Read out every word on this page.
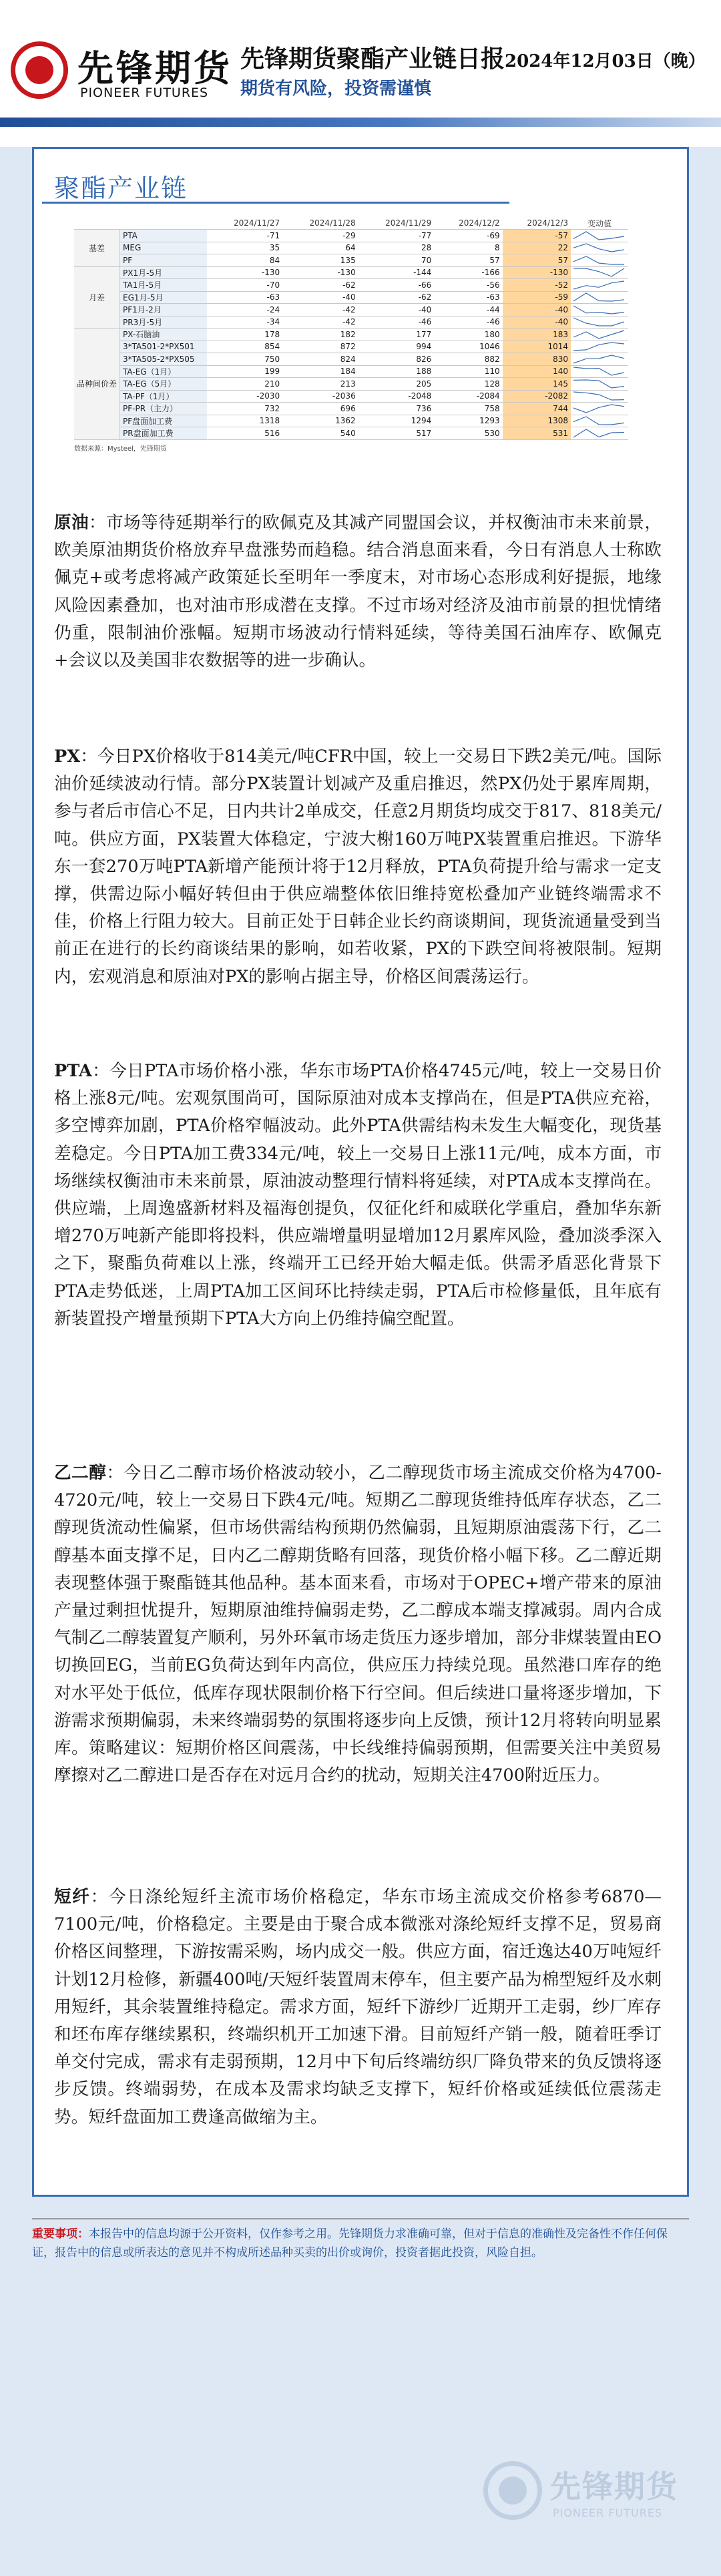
先锋期货
PIONEER FUTURES
先锋期货聚酯产业链日报2024年12月03日（晚）
期货有风险，投资需谨慎
聚酯产业链
		2024/11/27	2024/11/28	2024/11/29	2024/12/2	2024/12/3	变动值
基差	PTA	-71	-29	-77	-69	-57	

	MEG	35	64	28	8	22	

	PF	84	135	70	57	57	

月差	PX1月-5月	-130	-130	-144	-166	-130	

	TA1月-5月	-70	-62	-66	-56	-52	

	EG1月-5月	-63	-40	-62	-63	-59	

	PF1月-2月	-24	-42	-40	-44	-40	

	PR3月-5月	-34	-42	-46	-46	-40	

品种间价差	PX-石脑油	178	182	177	180	183	

	3*TA501-2*PX501	854	872	994	1046	1014	

	3*TA505-2*PX505	750	824	826	882	830	

	TA-EG（1月）	199	184	188	110	140	

	TA-EG（5月）	210	213	205	128	145	

	TA-PF（1月）	-2030	-2036	-2048	-2084	-2082	

	PF-PR（主力）	732	696	736	758	744	

	PF盘面加工费	1318	1362	1294	1293	1308	

	PR盘面加工费	516	540	517	530	531	
数据来源：Mysteel，先锋期货

原油：市场等待延期举行的欧佩克及其减产同盟国会议，并权衡油市未来前景，欧美原油期货价格放弃早盘涨势而趋稳。结合消息面来看，今日有消息人士称欧佩克+或考虑将减产政策延长至明年一季度末，对市场心态形成利好提振，地缘风险因素叠加，也对油市形成潜在支撑。不过市场对经济及油市前景的担忧情绪仍重，限制油价涨幅。短期市场波动行情料延续，等待美国石油库存、欧佩克+会议以及美国非农数据等的进一步确认。

PX：今日PX价格收于814美元/吨CFR中国，较上一交易日下跌2美元/吨。国际油价延续波动行情。部分PX装置计划减产及重启推迟，然PX仍处于累库周期，参与者后市信心不足，日内共计2单成交，任意2月期货均成交于817、818美元/吨。供应方面，PX装置大体稳定，宁波大榭160万吨PX装置重启推迟。下游华东一套270万吨PTA新增产能预计将于12月释放，PTA负荷提升给与需求一定支撑，供需边际小幅好转但由于供应端整体依旧维持宽松叠加产业链终端需求不佳，价格上行阻力较大。目前正处于日韩企业长约商谈期间，现货流通量受到当前正在进行的长约商谈结果的影响，如若收紧，PX的下跌空间将被限制。短期内，宏观消息和原油对PX的影响占据主导，价格区间震荡运行。

PTA：今日PTA市场价格小涨，华东市场PTA价格4745元/吨，较上一交易日价格上涨8元/吨。宏观氛围尚可，国际原油对成本支撑尚在，但是PTA供应充裕，多空博弈加剧，PTA价格窄幅波动。此外PTA供需结构未发生大幅变化，现货基差稳定。今日PTA加工费334元/吨，较上一交易日上涨11元/吨，成本方面，市场继续权衡油市未来前景，原油波动整理行情料将延续，对PTA成本支撑尚在。供应端，上周逸盛新材料及福海创提负，仅征化纤和威联化学重启，叠加华东新增270万吨新产能即将投料，供应端增量明显增加12月累库风险，叠加淡季深入之下，聚酯负荷难以上涨，终端开工已经开始大幅走低。供需矛盾恶化背景下PTA走势低迷，上周PTA加工区间环比持续走弱，PTA后市检修量低，且年底有新装置投产增量预期下PTA大方向上仍维持偏空配置。

乙二醇：今日乙二醇市场价格波动较小，乙二醇现货市场主流成交价格为4700-4720元/吨，较上一交易日下跌4元/吨。短期乙二醇现货维持低库存状态，乙二醇现货流动性偏紧，但市场供需结构预期仍然偏弱，且短期原油震荡下行，乙二醇基本面支撑不足，日内乙二醇期货略有回落，现货价格小幅下移。乙二醇近期表现整体强于聚酯链其他品种。基本面来看，市场对于OPEC+增产带来的原油产量过剩担忧提升，短期原油维持偏弱走势，乙二醇成本端支撑减弱。周内合成气制乙二醇装置复产顺利，另外环氧市场走货压力逐步增加，部分非煤装置由EO切换回EG，当前EG负荷达到年内高位，供应压力持续兑现。虽然港口库存的绝对水平处于低位，低库存现状限制价格下行空间。但后续进口量将逐步增加，下游需求预期偏弱，未来终端弱势的氛围将逐步向上反馈，预计12月将转向明显累库。策略建议：短期价格区间震荡，中长线维持偏弱预期，但需要关注中美贸易摩擦对乙二醇进口是否存在对远月合约的扰动，短期关注4700附近压力。

短纤：今日涤纶短纤主流市场价格稳定，华东市场主流成交价格参考6870—7100元/吨，价格稳定。主要是由于聚合成本微涨对涤纶短纤支撑不足，贸易商价格区间整理，下游按需采购，场内成交一般。供应方面，宿迁逸达40万吨短纤计划12月检修，新疆400吨/天短纤装置周末停车，但主要产品为棉型短纤及水刺用短纤，其余装置维持稳定。需求方面，短纤下游纱厂近期开工走弱，纱厂库存和坯布库存继续累积，终端织机开工加速下滑。目前短纤产销一般，随着旺季订单交付完成，需求有走弱预期，12月中下旬后终端纺织厂降负带来的负反馈将逐步反馈。终端弱势，在成本及需求均缺乏支撑下，短纤价格或延续低位震荡走势。短纤盘面加工费逢高做缩为主。

重要事项：本报告中的信息均源于公开资料，仅作参考之用。先锋期货力求准确可靠，但对于信息的准确性及完备性不作任何保证，报告中的信息或所表达的意见并不构成所述品种买卖的出价或询价，投资者据此投资，风险自担。
先锋期货
PIONEER FUTURES
